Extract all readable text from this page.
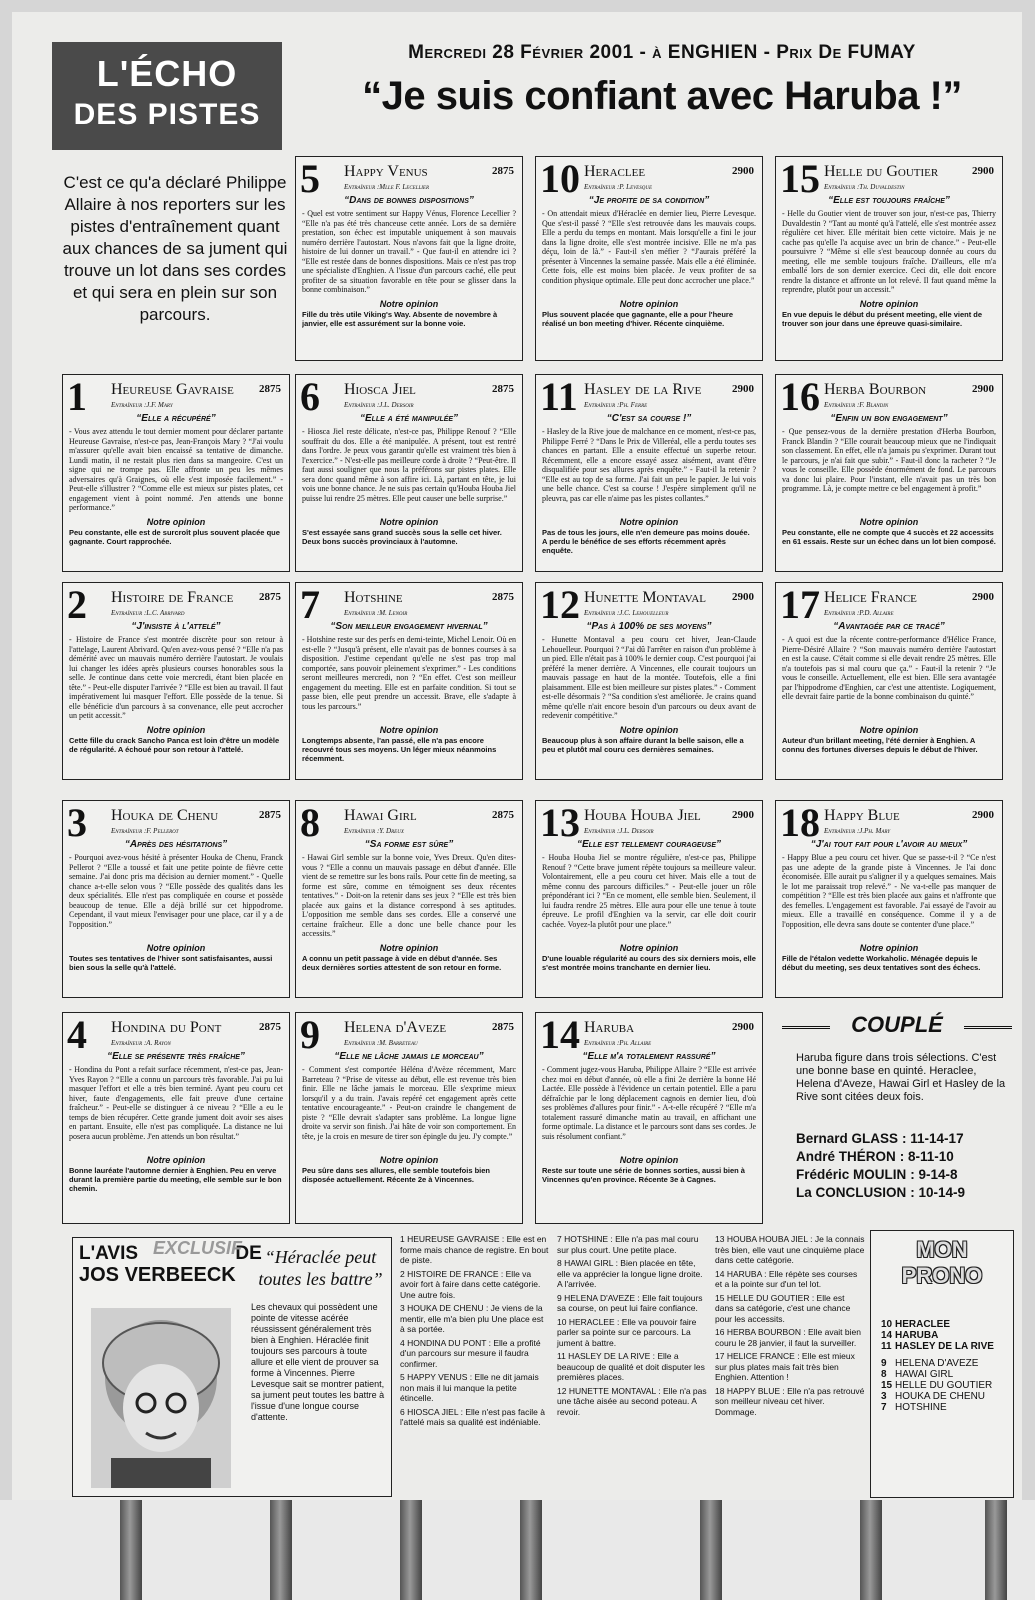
L'ÉCHO
DES PISTES
Mercredi 28 Février 2001 - à ENGHIEN - Prix De FUMAY
“Je suis confiant avec Haruba !”
C'est ce qu'a déclaré Philippe Allaire à nos reporters sur les pistes d'entraînement quant aux chances de sa jument qui trouve un lot dans ses cordes et qui sera en plein sur son parcours.
5 Happy Venus	2875
Entraîneur :Mlle F. Lecellier
“Dans de bonnes dispositions”
- Quel est votre sentiment sur Happy Vénus, Florence Lecellier ? “Elle n'a pas été très chanceuse cette année. Lors de sa dernière prestation, son échec est imputable uniquement à son mauvais numéro derrière l'autostart. Nous n'avons fait que la ligne droite, histoire de lui donner un travail.” - Que faut-il en attendre ici ? “Elle est restée dans de bonnes dispositions. Mais ce n'est pas trop une spécialiste d'Enghien. A l'issue d'un parcours caché, elle peut profiter de sa situation favorable en tête pour se glisser dans la bonne combinaison.”
Notre opinion
Fille du très utile Viking's Way. Absente de novembre à janvier, elle est assurément sur la bonne voie.
10 Heraclee	2900
Entraîneur :P. Levesque
“Je profite de sa condition”
- On attendait mieux d'Héraclée en dernier lieu, Pierre Levesque. Que s'est-il passé ? “Elle s'est retrouvée dans les mauvais coups. Elle a perdu du temps en montant. Mais lorsqu'elle a fini le jour dans la ligne droite, elle s'est montrée incisive. Elle ne m'a pas déçu, loin de là.” - Faut-il s'en méfier ? “J'aurais préféré la présenter à Vincennes la semaine passée. Mais elle a été éliminée. Cette fois, elle est moins bien placée. Je veux profiter de sa condition physique optimale. Elle peut donc accrocher une place.”
Notre opinion
Plus souvent placée que gagnante, elle a pour l'heure réalisé un bon meeting d'hiver. Récente cinquième.
15 Helle du Goutier	2900
Entraîneur :Th. Duvaldestin
“Elle est toujours fraîche”
- Helle du Goutier vient de trouver son jour, n'est-ce pas, Thierry Duvaldestin ? “Tant au monté qu'à l'attelé, elle s'est montrée assez régulière cet hiver. Elle méritait bien cette victoire. Mais je ne cache pas qu'elle l'a acquise avec un brin de chance.” - Peut-elle poursuivre ? “Même si elle s'est beaucoup donnée au cours du meeting, elle me semble toujours fraîche. D'ailleurs, elle m'a emballé lors de son dernier exercice. Ceci dit, elle doit encore rendre la distance et affronte un lot relevé. Il faut quand même la reprendre, plutôt pour un accessit.”
Notre opinion
En vue depuis le début du présent meeting, elle vient de trouver son jour dans une épreuve quasi-similaire.
1 Heureuse Gavraise	2875
Entraîneur :J.F. Mary
“Elle a récupéré”
- Vous avez attendu le tout dernier moment pour déclarer partante Heureuse Gavraise, n'est-ce pas, Jean-François Mary ? “J'ai voulu m'assurer qu'elle avait bien encaissé sa tentative de dimanche. Lundi matin, il ne restait plus rien dans sa mangeoire. C'est un signe qui ne trompe pas. Elle affronte un peu les mêmes adversaires qu'à Graignes, où elle s'est imposée facilement.” - Peut-elle s'illustrer ? “Comme elle est mieux sur pistes plates, cet engagement vient à point nommé. J'en attends une bonne performance.”
Notre opinion
Peu constante, elle est de surcroît plus souvent placée que gagnante. Court rapprochée.
6 Hiosca Jiel	2875
Entraîneur :J.L. Dersoir
“Elle a été manipulée”
- Hiosca Jiel reste délicate, n'est-ce pas, Philippe Renouf ? “Elle souffrait du dos. Elle a été manipulée. A présent, tout est rentré dans l'ordre. Je peux vous garantir qu'elle est vraiment très bien à l'exercice.” - N'est-elle pas meilleure corde à droite ? “Peut-être. Il faut aussi souligner que nous la préférons sur pistes plates. Elle sera donc quand même à son affire ici. Là, partant en tête, je lui vois une bonne chance. Je ne suis pas certain qu'Houba Houba Jiel puisse lui rendre 25 mètres. Elle peut causer une belle surprise.”
Notre opinion
S'est essayée sans grand succès sous la selle cet hiver. Deux bons succès provinciaux à l'automne.
11 Hasley de la Rive	2900
Entraîneur :Ph. Ferre
“C'est sa course !”
- Hasley de la Rive joue de malchance en ce moment, n'est-ce pas, Philippe Ferré ? “Dans le Prix de Villeréal, elle a perdu toutes ses chances en partant. Elle a ensuite effectué un superbe retour. Récemment, elle a encore essayé assez aisément, avant d'être disqualifiée pour ses allures après enquête.” - Faut-il la retenir ? “Elle est au top de sa forme. J'ai fait un peu le papier. Je lui vois une belle chance. C'est sa course ! J'espère simplement qu'il ne pleuvra, pas car elle n'aime pas les pistes collantes.”
Notre opinion
Pas de tous les jours, elle n'en demeure pas moins douée. A perdu le bénéfice de ses efforts récemment après enquête.
16 Herba Bourbon	2900
Entraîneur :F. Blandin
“Enfin un bon engagement”
- Que pensez-vous de la dernière prestation d'Herba Bourbon, Franck Blandin ? “Elle courait beaucoup mieux que ne l'indiquait son classement. En effet, elle n'a jamais pu s'exprimer. Durant tout le parcours, je n'ai fait que subir.” - Faut-il donc la racheter ? “Je vous le conseille. Elle possède énormément de fond. Le parcours va donc lui plaire. Pour l'instant, elle n'avait pas un très bon programme. Là, je compte mettre ce bel engagement à profit.”
Notre opinion
Peu constante, elle ne compte que 4 succès et 22 accessits en 61 essais. Reste sur un échec dans un lot bien composé.
2 Histoire de France	2875
Entraîneur :L.C. Abrivard
“J'insiste à l'attelé”
- Histoire de France s'est montrée discrète pour son retour à l'attelage, Laurent Abrivard. Qu'en avez-vous pensé ? “Elle n'a pas démérité avec un mauvais numéro derrière l'autostart. Je voulais lui changer les idées après plusieurs courses honorables sous la selle. Je continue dans cette voie mercredi, étant bien placée en tête.” - Peut-elle disputer l'arrivée ? “Elle est bien au travail. Il faut impérativement lui masquer l'effort. Elle possède de la tenue. Si elle bénéficie d'un parcours à sa convenance, elle peut accrocher un petit accessit.”
Notre opinion
Cette fille du crack Sancho Panca est loin d'être un modèle de régularité. A échoué pour son retour à l'attelé.
7 Hotshine	2875
Entraîneur :M. Lenoir
“Son meilleur engagement hivernal”
- Hotshine reste sur des perfs en demi-teinte, Michel Lenoir. Où en est-elle ? “Jusqu'à présent, elle n'avait pas de bonnes courses à sa disposition. J'estime cependant qu'elle ne s'est pas trop mal comportée, sans pouvoir pleinement s'exprimer.” - Les conditions seront meilleures mercredi, non ? “En effet. C'est son meilleur engagement du meeting. Elle est en parfaite condition. Si tout se passe bien, elle peut prendre un accessit. Brave, elle s'adapte à tous les parcours.”
Notre opinion
Longtemps absente, l'an passé, elle n'a pas encore recouvré tous ses moyens. Un léger mieux néanmoins récemment.
12 Hunette Montaval	2900
Entraîneur :J.C. Lehouelleur
“Pas à 100% de ses moyens”
- Hunette Montaval a peu couru cet hiver, Jean-Claude Lehouelleur. Pourquoi ? “J'ai dû l'arrêter en raison d'un problème à un pied. Elle n'était pas à 100% le dernier coup. C'est pourquoi j'ai préféré la mener derrière. A Vincennes, elle courait toujours un mauvais passage en haut de la montée. Toutefois, elle a fini plaisamment. Elle est bien meilleure sur pistes plates.” - Comment est-elle désormais ? “Sa condition s'est améliorée. Je crains quand même qu'elle n'ait encore besoin d'un parcours ou deux avant de redevenir compétitive.”
Notre opinion
Beaucoup plus à son affaire durant la belle saison, elle a peu et plutôt mal couru ces dernières semaines.
17 Helice France	2900
Entraîneur :P.D. Allaire
“Avantagée par ce tracé”
- A quoi est due la récente contre-performance d'Hélice France, Pierre-Désiré Allaire ? “Son mauvais numéro derrière l'autostart en est la cause. C'était comme si elle devait rendre 25 mètres. Elle n'a toutefois pas si mal couru que ça.” - Faut-il la retenir ? “Je vous le conseille. Actuellement, elle est bien. Elle sera avantagée par l'hippodrome d'Enghien, car c'est une attentiste. Logiquement, elle devrait faire partie de la bonne combinaison du quinté.”
Notre opinion
Auteur d'un brillant meeting, l'été dernier à Enghien. A connu des fortunes diverses depuis le début de l'hiver.
3 Houka de Chenu	2875
Entraîneur :F. Pellerot
“Après des hésitations”
- Pourquoi avez-vous hésité à présenter Houka de Chenu, Franck Pellerot ? “Elle a toussé et fait une petite pointe de fièvre cette semaine. J'ai donc pris ma décision au dernier moment.” - Quelle chance a-t-elle selon vous ? “Elle possède des qualités dans les deux spécialités. Elle n'est pas compliquée en course et possède beaucoup de tenue. Elle a déjà brillé sur cet hippodrome. Cependant, il vaut mieux l'envisager pour une place, car il y a de l'opposition.”
Notre opinion
Toutes ses tentatives de l'hiver sont satisfaisantes, aussi bien sous la selle qu'à l'attelé.
8 Hawai Girl	2875
Entraîneur :Y. Dreux
“Sa forme est sûre”
- Hawai Girl semble sur la bonne voie, Yves Dreux. Qu'en dites-vous ? “Elle a connu un mauvais passage en début d'année. Elle vient de se remettre sur les bons rails. Pour cette fin de meeting, sa forme est sûre, comme en témoignent ses deux récentes tentatives.” - Doit-on la retenir dans ses jeux ? “Elle est très bien placée aux gains et la distance correspond à ses aptitudes. L'opposition me semble dans ses cordes. Elle a conservé une certaine fraîcheur. Elle a donc une belle chance pour les accessits.”
Notre opinion
A connu un petit passage à vide en début d'année. Ses deux dernières sorties attestent de son retour en forme.
13 Houba Houba Jiel	2900
Entraîneur :J.L. Dersoir
“Elle est tellement courageuse”
- Houba Houba Jiel se montre régulière, n'est-ce pas, Philippe Renouf ? “Cette brave jument répète toujours sa meilleure valeur. Volontairement, elle a peu couru cet hiver. Mais elle a tout de même connu des parcours difficiles.” - Peut-elle jouer un rôle prépondérant ici ? “En ce moment, elle semble bien. Seulement, il lui faudra rendre 25 mètres. Elle aura pour elle une tenue à toute épreuve. Le profil d'Enghien va la servir, car elle doit courir cachée. Voyez-la plutôt pour une place.”
Notre opinion
D'une louable régularité au cours des six derniers mois, elle s'est montrée moins tranchante en dernier lieu.
18 Happy Blue	2900
Entraîneur :J.Ph. Mary
“J'ai tout fait pour l'avoir au mieux”
- Happy Blue a peu couru cet hiver. Que se passe-t-il ? “Ce n'est pas une adepte de la grande piste à Vincennes. Je l'ai donc économisée. Elle aurait pu s'aligner il y a quelques semaines. Mais le lot me paraissait trop relevé.” - Ne va-t-elle pas manquer de compétition ? “Elle est très bien placée aux gains et n'affronte que des femelles. L'engagement est favorable. J'ai essayé de l'avoir au mieux. Elle a travaillé en conséquence. Comme il y a de l'opposition, elle devra sans doute se contenter d'une place.”
Notre opinion
Fille de l'étalon vedette Workaholic. Ménagée depuis le début du meeting, ses deux tentatives sont des échecs.
4 Hondina du Pont	2875
Entraîneur :A. Rayon
“Elle se présente très fraîche”
- Hondina du Pont a refait surface récemment, n'est-ce pas, Jean-Yves Rayon ? “Elle a connu un parcours très favorable. J'ai pu lui masquer l'effort et elle a très bien terminé. Ayant peu couru cet hiver, faute d'engagements, elle fait preuve d'une certaine fraîcheur.” - Peut-elle se distinguer à ce niveau ? “Elle a eu le temps de bien récupérer. Cette grande jument doit avoir ses aises en partant. Ensuite, elle n'est pas compliquée. La distance ne lui posera aucun problème. J'en attends un bon résultat.”
Notre opinion
Bonne lauréate l'automne dernier à Enghien. Peu en verve durant la première partie du meeting, elle semble sur le bon chemin.
9 Helena d'Aveze	2875
Entraîneur :M. Barreteau
“Elle ne lâche jamais le morceau”
- Comment s'est comportée Héléna d'Avèze récemment, Marc Barreteau ? “Prise de vitesse au début, elle est revenue très bien finir. Elle ne lâche jamais le morceau. Elle s'exprime mieux lorsqu'il y a du train. J'avais repéré cet engagement après cette tentative encourageante.” - Peut-on craindre le changement de piste ? “Elle devrait s'adapter sans problème. La longue ligne droite va servir son finish. J'ai hâte de voir son comportement. En tête, je la crois en mesure de tirer son épingle du jeu. J'y compte.”
Notre opinion
Peu sûre dans ses allures, elle semble toutefois bien disposée actuellement. Récente 2e à Vincennes.
14 Haruba	2900
Entraîneur :Ph. Allaire
“Elle m'a totalement rassuré”
- Comment jugez-vous Haruba, Philippe Allaire ? “Elle est arrivée chez moi en début d'année, où elle a fini 2e derrière la bonne Hé Lactée. Elle possède à l'évidence un certain potentiel. Elle a paru défraîchie par le long déplacement cagnois en dernier lieu, d'où ses problèmes d'allures pour finir.” - A-t-elle récupéré ? “Elle m'a totalement rassuré dimanche matin au travail, en affichant une forme optimale. La distance et le parcours sont dans ses cordes. Je suis résolument confiant.”
Notre opinion
Reste sur toute une série de bonnes sorties, aussi bien à Vincennes qu'en province. Récente 3e à Cagnes.
COUPLÉ
Haruba figure dans trois sélections. C'est une bonne base en quinté. Heraclee, Helena d'Aveze, Hawai Girl et Hasley de la Rive sont citées deux fois.
Bernard GLASS : 11-14-17
André THÉRON : 8-11-10
Frédéric MOULIN : 9-14-8
La CONCLUSION : 10-14-9
L'AVIS	DE
EXCLUSIF
JOS VERBEECK
“Héraclée peut toutes les battre”
Les chevaux qui possèdent une pointe de vitesse acérée réussissent généralement très bien à Enghien. Héraclée finit toujours ses parcours à toute allure et elle vient de prouver sa forme à Vincennes. Pierre Levesque sait se montrer patient, sa jument peut toutes les battre à l'issue d'une longue course d'attente.

1 HEUREUSE GAVRAISE : Elle est en forme mais chance de registre. En bout de piste.

2 HISTOIRE DE FRANCE : Elle va avoir fort à faire dans cette catégorie. Une autre fois.

3 HOUKA DE CHENU : Je viens de la mentir, elle m'a bien plu Une place est à sa portée.

4 HONDINA DU PONT : Elle a profité d'un parcours sur mesure il faudra confirmer.

5 HAPPY VENUS : Elle ne dit jamais non mais il lui manque la petite étincelle.

6 HIOSCA JIEL : Elle n'est pas facile à l'attelé mais sa qualité est indéniable.

7 HOTSHINE : Elle n'a pas mal couru sur plus court. Une petite place.

8 HAWAI GIRL : Bien placée en tête, elle va apprécier la longue ligne droite. A l'arrivée.

9 HELENA D'AVEZE : Elle fait toujours sa course, on peut lui faire confiance.

10 HERACLEE : Elle va pouvoir faire parler sa pointe sur ce parcours. La jument à battre.

11 HASLEY DE LA RIVE : Elle a beaucoup de qualité et doit disputer les premières places.

12 HUNETTE MONTAVAL : Elle n'a pas une tâche aisée au second poteau. A revoir.

13 HOUBA HOUBA JIEL : Je la connais très bien, elle vaut une cinquième place dans cette catégorie.

14 HARUBA : Elle répète ses courses et a la pointe sur d'un tel lot.

15 HELLE DU GOUTIER : Elle est dans sa catégorie, c'est une chance pour les accessits.

16 HERBA BOURBON : Elle avait bien couru le 28 janvier, il faut la surveiller.

17 HELICE FRANCE : Elle est mieux sur plus plates mais fait très bien Enghien. Attention !

18 HAPPY BLUE : Elle n'a pas retrouvé son meilleur niveau cet hiver. Dommage.

MON
PRONO
10 HERACLEE
14 HARUBA
11 HASLEY DE LA RIVE
9 HELENA D'AVEZE
8 HAWAI GIRL
15 HELLE DU GOUTIER
3 HOUKA DE CHENU
7 HOTSHINE
